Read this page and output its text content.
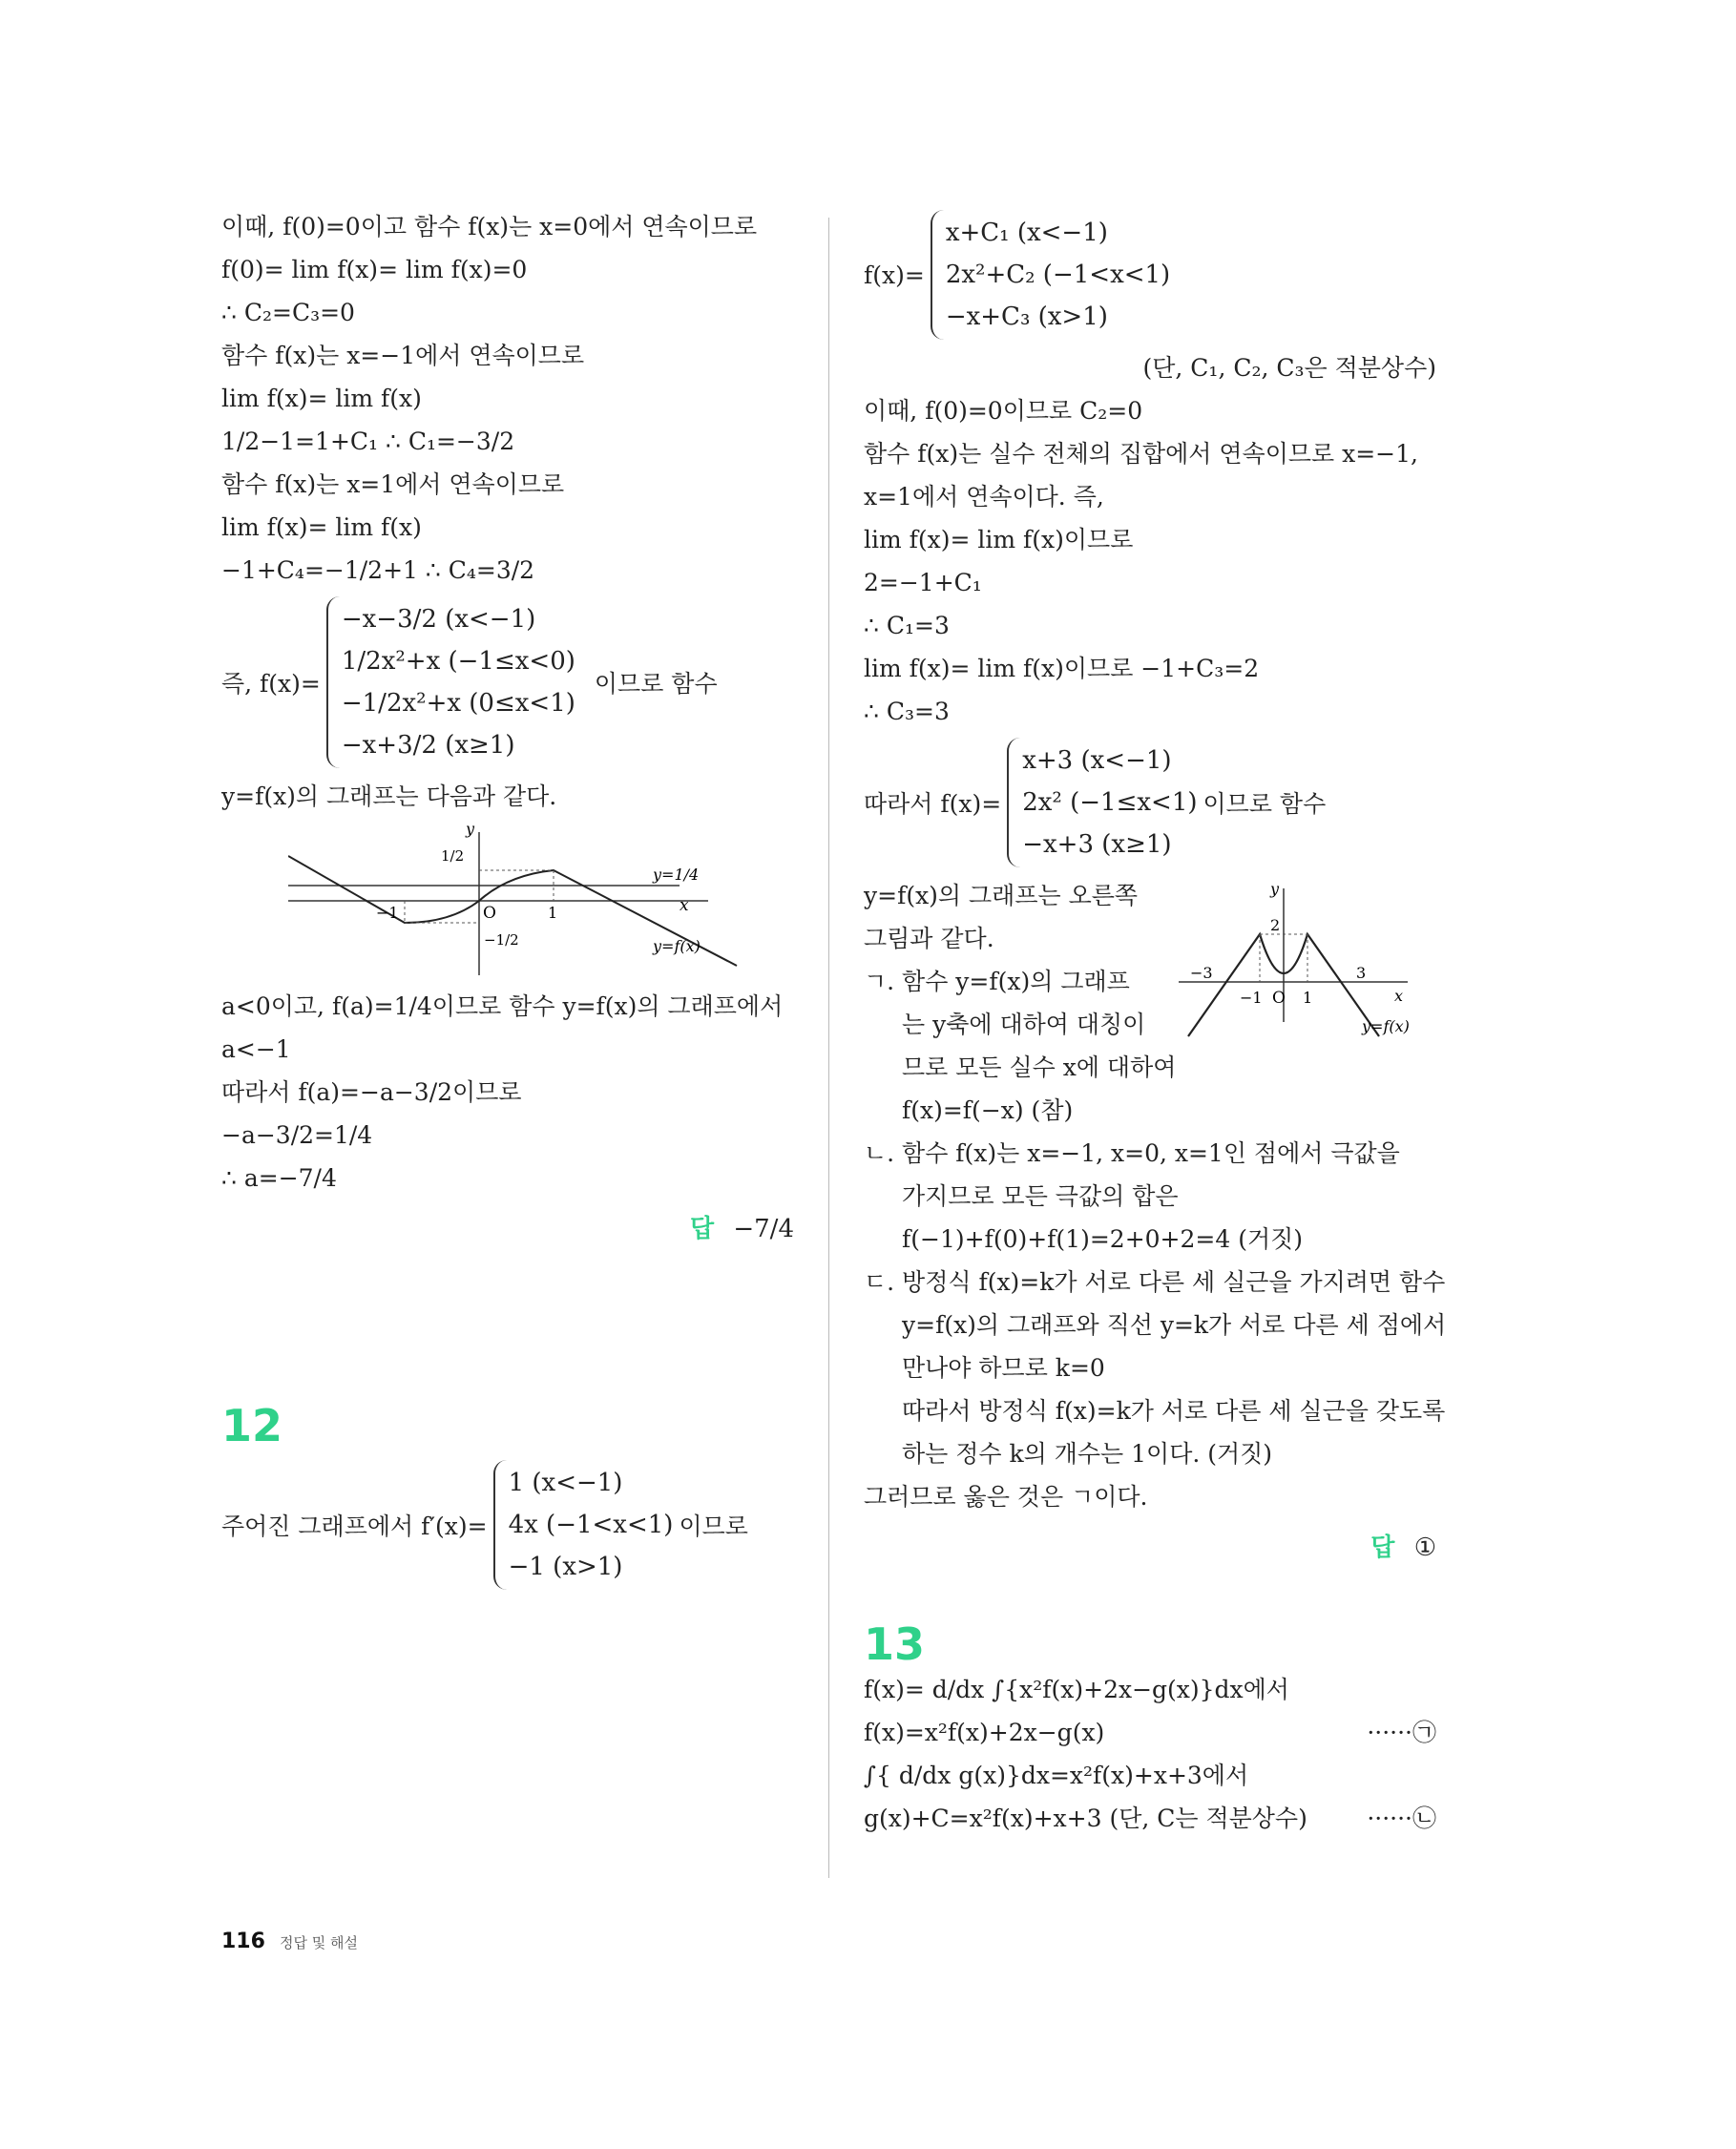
이때, f(0)=0이고 함수 f(x)는 x=0에서 연속이므로
f(0)= lim f(x)= lim f(x)=0
∴ C₂=C₃=0
함수 f(x)는 x=−1에서 연속이므로
lim f(x)= lim f(x)
1/2−1=1+C₁ ∴ C₁=−3/2
함수 f(x)는 x=1에서 연속이므로
lim f(x)= lim f(x)
−1+C₄=−1/2+1 ∴ C₄=3/2
즉, f(x)=
−x−3/2 (x<−1)
1/2x²+x (−1≤x<0)
−1/2x²+x (0≤x<1)
−x+3/2 (x≥1)
이므로 함수
y=f(x)의 그래프는 다음과 같다.
y
x
O
1/2
−1/2
−1	1
y=1/4
y=f(x)
a<0이고, f(a)=1/4이므로 함수 y=f(x)의 그래프에서
a<−1
따라서 f(a)=−a−3/2이므로
−a−3/2=1/4
∴ a=−7/4
답 −7/4
12
주어진 그래프에서 f′(x)=
1 (x<−1)
4x (−1<x<1)
−1 (x>1)
이므로
f(x)=
x+C₁ (x<−1)
2x²+C₂ (−1<x<1)
−x+C₃ (x>1)
(단, C₁, C₂, C₃은 적분상수)
이때, f(0)=0이므로 C₂=0
함수 f(x)는 실수 전체의 집합에서 연속이므로 x=−1,
x=1에서 연속이다. 즉,
lim f(x)= lim f(x)이므로
2=−1+C₁
∴ C₁=3
lim f(x)= lim f(x)이므로 −1+C₃=2
∴ C₃=3
따라서 f(x)=
x+3 (x<−1)
2x² (−1≤x<1)
−x+3 (x≥1)
이므로 함수
y
x
O
2
−3	3
−1	1
y=f(x)
y=f(x)의 그래프는 오른쪽
그림과 같다.
ㄱ. 함수 y=f(x)의 그래프
는 y축에 대하여 대칭이
므로 모든 실수 x에 대하여
f(x)=f(−x) (참)
ㄴ. 함수 f(x)는 x=−1, x=0, x=1인 점에서 극값을
가지므로 모든 극값의 합은
f(−1)+f(0)+f(1)=2+0+2=4 (거짓)
ㄷ. 방정식 f(x)=k가 서로 다른 세 실근을 가지려면 함수
y=f(x)의 그래프와 직선 y=k가 서로 다른 세 점에서
만나야 하므로 k=0
따라서 방정식 f(x)=k가 서로 다른 세 실근을 갖도록
하는 정수 k의 개수는 1이다. (거짓)
그러므로 옳은 것은 ㄱ이다.
답 ①
13
f(x)= d/dx ∫{x²f(x)+2x−g(x)}dx에서
f(x)=x²f(x)+2x−g(x)	······㉠
∫{ d/dx g(x)}dx=x²f(x)+x+3에서
g(x)+C=x²f(x)+x+3 (단, C는 적분상수) ······㉡
116 정답 및 해설
